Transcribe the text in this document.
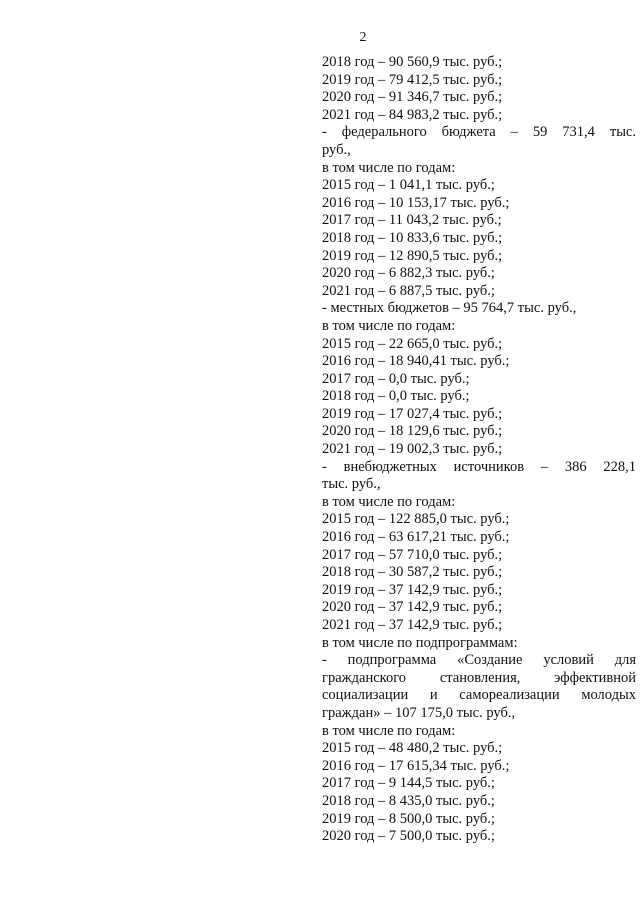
2
2018 год – 90 560,9 тыс. руб.;
2019 год – 79 412,5 тыс. руб.;
2020 год – 91 346,7 тыс. руб.;
2021 год – 84 983,2 тыс. руб.;
- федерального бюджета – 59 731,4 тыс.
руб.,
в том числе по годам:
2015 год – 1 041,1 тыс. руб.;
2016 год – 10 153,17 тыс. руб.;
2017 год – 11 043,2 тыс. руб.;
2018 год – 10 833,6 тыс. руб.;
2019 год – 12 890,5 тыс. руб.;
2020 год – 6 882,3 тыс. руб.;
2021 год – 6 887,5 тыс. руб.;
- местных бюджетов – 95 764,7 тыс. руб.,
в том числе по годам:
2015 год – 22 665,0 тыс. руб.;
2016 год – 18 940,41 тыс. руб.;
2017 год – 0,0 тыс. руб.;
2018 год – 0,0 тыс. руб.;
2019 год – 17 027,4 тыс. руб.;
2020 год – 18 129,6 тыс. руб.;
2021 год – 19 002,3 тыс. руб.;
- внебюджетных источников – 386 228,1
тыс. руб.,
в том числе по годам:
2015 год – 122 885,0 тыс. руб.;
2016 год – 63 617,21 тыс. руб.;
2017 год – 57 710,0 тыс. руб.;
2018 год – 30 587,2 тыс. руб.;
2019 год – 37 142,9 тыс. руб.;
2020 год – 37 142,9 тыс. руб.;
2021 год – 37 142,9 тыс. руб.;
в том числе по подпрограммам:
- подпрограмма «Создание условий для гражданского становления, эффективной социализации и самореализации молодых граждан» – 107 175,0 тыс. руб.,
в том числе по годам:
2015 год – 48 480,2 тыс. руб.;
2016 год – 17 615,34 тыс. руб.;
2017 год – 9 144,5 тыс. руб.;
2018 год – 8 435,0 тыс. руб.;
2019 год – 8 500,0 тыс. руб.;
2020 год – 7 500,0 тыс. руб.;
